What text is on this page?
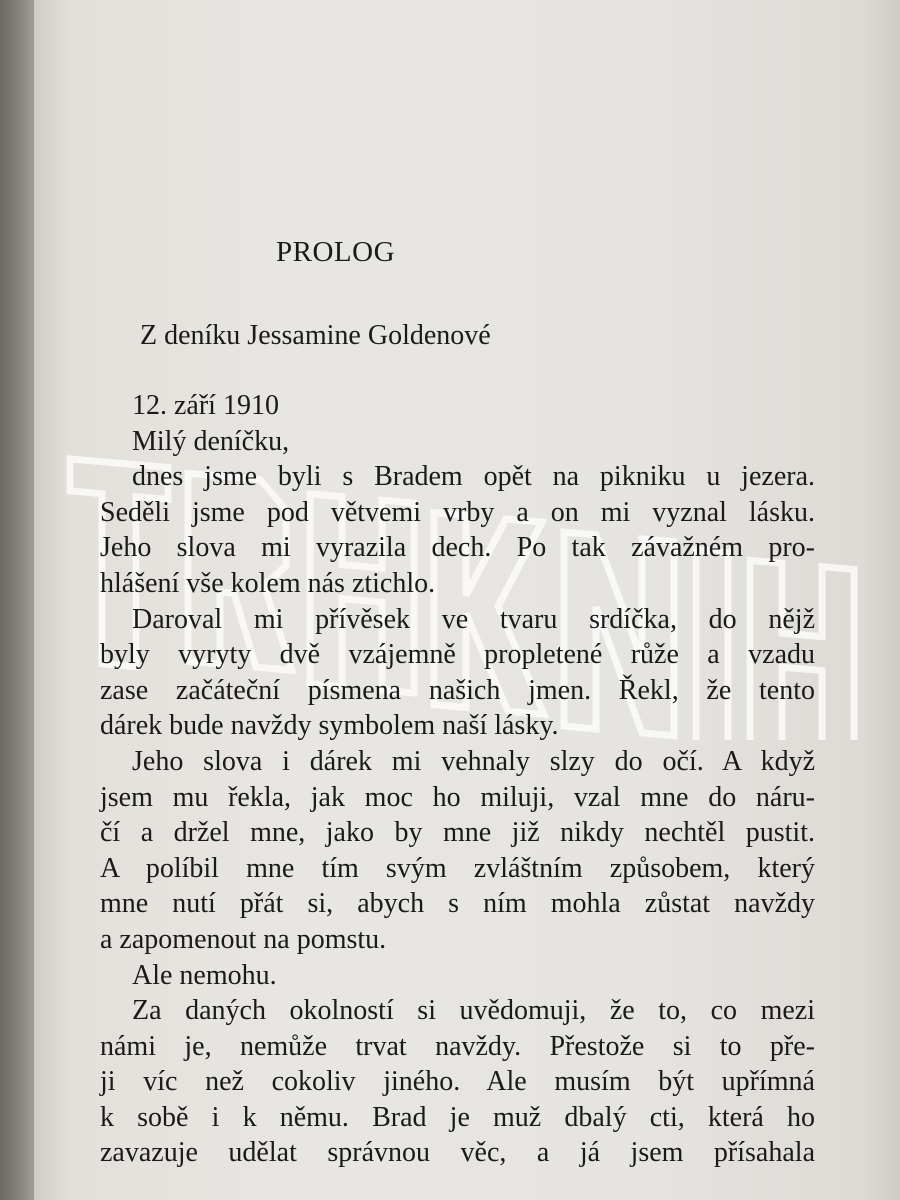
PROLOG
Z deníku Jessamine Goldenové
12. září 1910
Milý deníčku,
dnes jsme byli s Bradem opět na pikniku u jezera.
Seděli jsme pod větvemi vrby a on mi vyznal lásku.
Jeho slova mi vyrazila dech. Po tak závažném pro-
hlášení vše kolem nás ztichlo.
Daroval mi přívěsek ve tvaru srdíčka, do nějž
byly vyryty dvě vzájemně propletené růže a vzadu
zase začáteční písmena našich jmen. Řekl, že tento
dárek bude navždy symbolem naší lásky.
Jeho slova i dárek mi vehnaly slzy do očí. A když
jsem mu řekla, jak moc ho miluji, vzal mne do náru-
čí a držel mne, jako by mne již nikdy nechtěl pustit.
A políbil mne tím svým zvláštním způsobem, který
mne nutí přát si, abych s ním mohla zůstat navždy
a zapomenout na pomstu.
Ale nemohu.
Za daných okolností si uvědomuji, že to, co mezi
námi je, nemůže trvat navždy. Přestože si to pře-
ji víc než cokoliv jiného. Ale musím být upřímná
k sobě i k němu. Brad je muž dbalý cti, která ho
zavazuje udělat správnou věc, a já jsem přísahala
